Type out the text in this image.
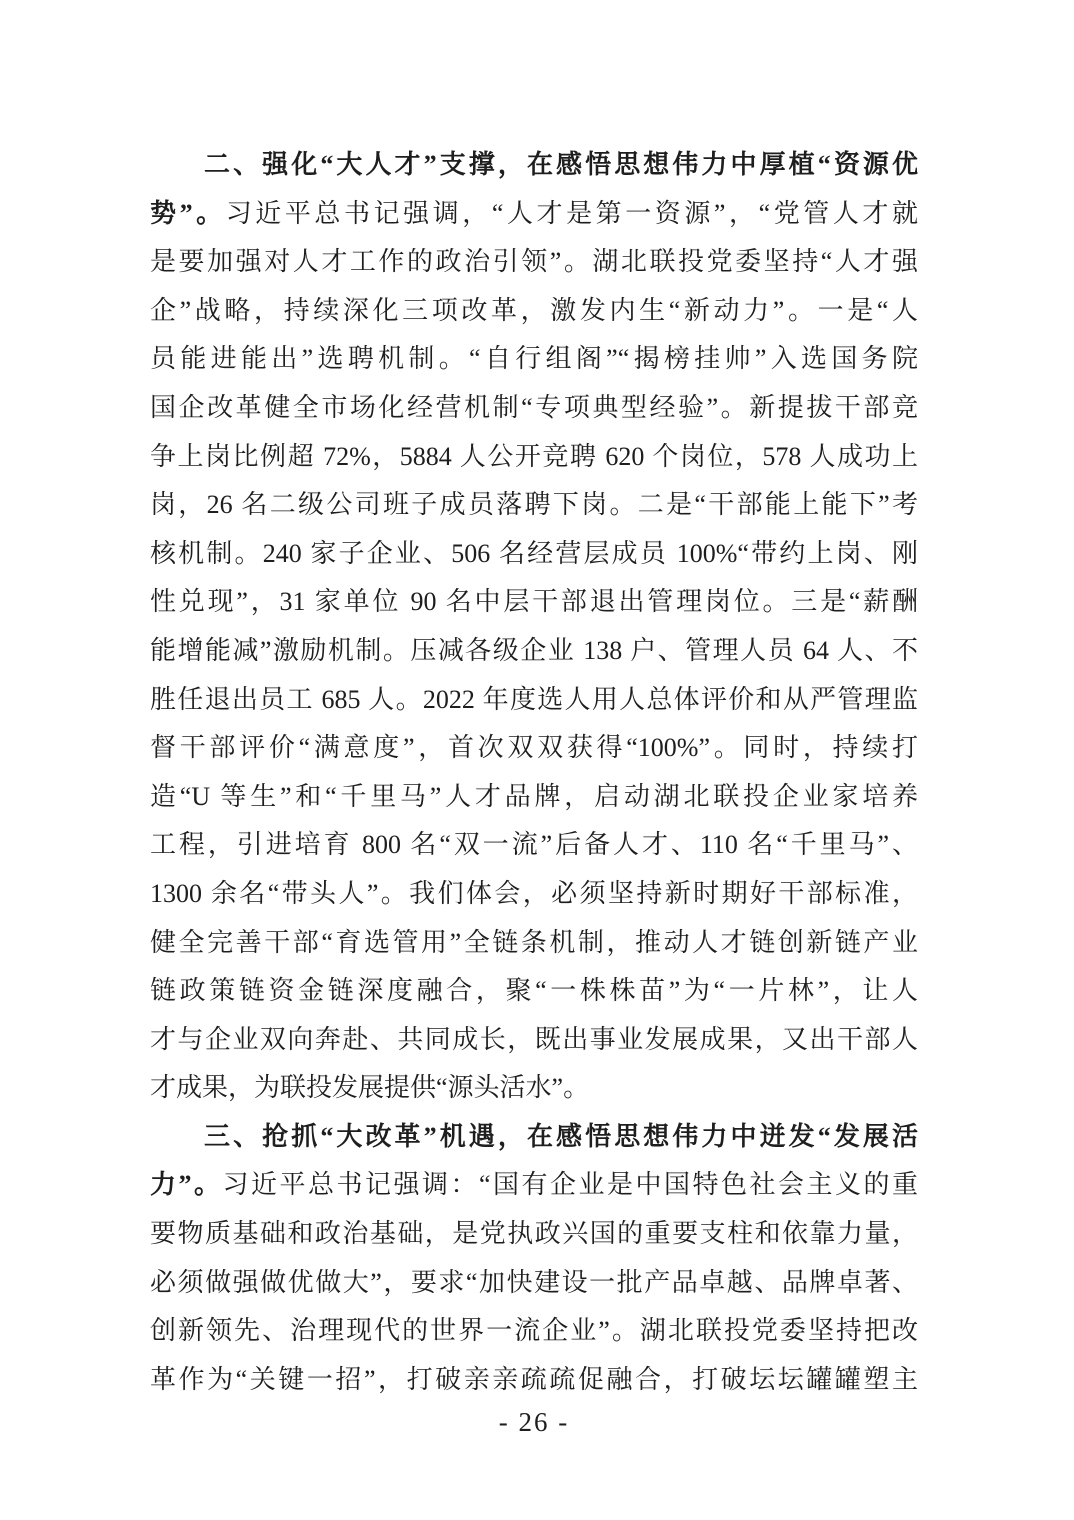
二、强化“大人才”支撑，在感悟思想伟力中厚植“资源优
势”。习近平总书记强调，“人才是第一资源”，“党管人才就
是要加强对人才工作的政治引领”。湖北联投党委坚持“人才强
企”战略，持续深化三项改革，激发内生“新动力”。一是“人
员能进能出”选聘机制。“自行组阁”“揭榜挂帅”入选国务院
国企改革健全市场化经营机制“专项典型经验”。新提拔干部竞
争上岗比例超 72%，5884 人公开竞聘 620 个岗位，578 人成功上
岗，26 名二级公司班子成员落聘下岗。二是“干部能上能下”考
核机制。240 家子企业、506 名经营层成员 100%“带约上岗、刚
性兑现”，31 家单位 90 名中层干部退出管理岗位。三是“薪酬
能增能减”激励机制。压减各级企业 138 户、管理人员 64 人、不
胜任退出员工 685 人。2022 年度选人用人总体评价和从严管理监
督干部评价“满意度”，首次双双获得“100%”。同时，持续打
造“U 等生”和“千里马”人才品牌，启动湖北联投企业家培养
工程，引进培育 800 名“双一流”后备人才、110 名“千里马”、
1300 余名“带头人”。我们体会，必须坚持新时期好干部标准，
健全完善干部“育选管用”全链条机制，推动人才链创新链产业
链政策链资金链深度融合，聚“一株株苗”为“一片林”，让人
才与企业双向奔赴、共同成长，既出事业发展成果，又出干部人
才成果，为联投发展提供“源头活水”。
三、抢抓“大改革”机遇，在感悟思想伟力中迸发“发展活
力”。习近平总书记强调：“国有企业是中国特色社会主义的重
要物质基础和政治基础，是党执政兴国的重要支柱和依靠力量，
必须做强做优做大”，要求“加快建设一批产品卓越、品牌卓著、
创新领先、治理现代的世界一流企业”。湖北联投党委坚持把改
革作为“关键一招”，打破亲亲疏疏促融合，打破坛坛罐罐塑主
- 26 -
